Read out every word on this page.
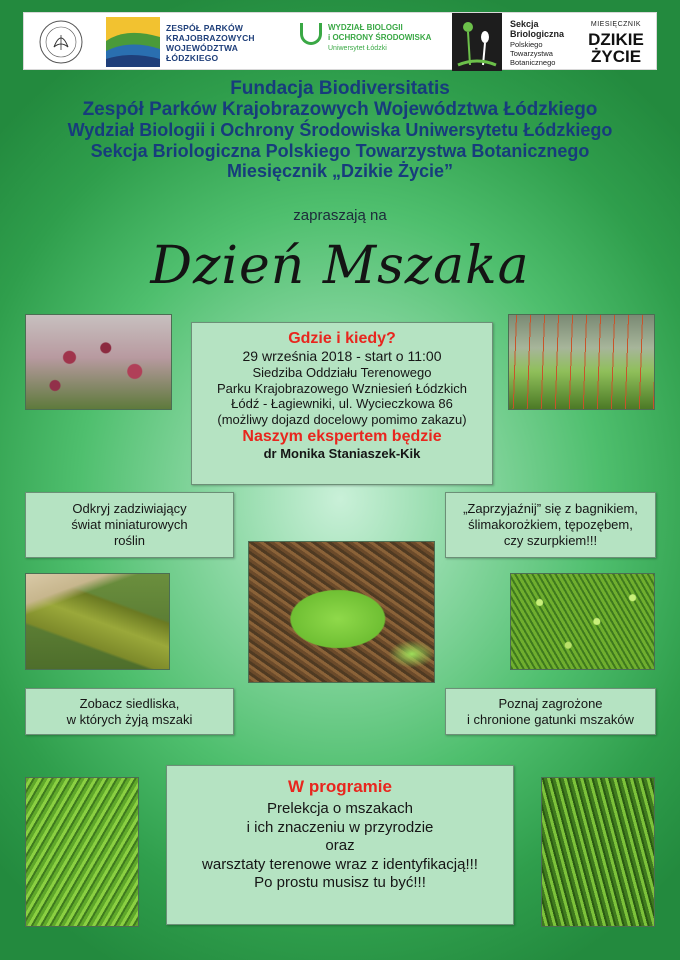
ZESPÓŁ PARKÓW
KRAJOBRAZOWYCH
WOJEWÓDZTWA ŁÓDZKIEGO
WYDZIAŁ BIOLOGII
i OCHRONY ŚRODOWISKA
Uniwersytet Łódzki
Sekcja
Briologiczna
Polskiego
Towarzystwa
Botanicznego
MIESIĘCZNIK
DZIKIE
ŻYCIE
Fundacja Biodiversitatis
Zespół Parków Krajobrazowych Województwa Łódzkiego
Wydział Biologii i Ochrony Środowiska Uniwersytetu Łódzkiego
Sekcja Briologiczna Polskiego Towarzystwa Botanicznego
Miesięcznik „Dzikie Życie”
zapraszają na
Dzień Mszaka
Gdzie i kiedy?
29 września 2018 - start o 11:00
Siedziba Oddziału Terenowego
Parku Krajobrazowego Wzniesień Łódzkich
Łódź - Łagiewniki, ul. Wycieczkowa 86
(możliwy dojazd docelowy pomimo zakazu)
Naszym ekspertem będzie
dr Monika Staniaszek-Kik
Odkryj zadziwiający
świat miniaturowych
roślin
„Zaprzyjaźnij” się z bagnikiem,
ślimakorożkiem, tępozębem,
czy szurpkiem!!!
Zobacz siedliska,
w których żyją mszaki
Poznaj zagrożone
i chronione gatunki mszaków
W programie
Prelekcja o mszakach
i ich znaczeniu w przyrodzie
oraz
warsztaty terenowe wraz z identyfikacją!!!
Po prostu musisz tu być!!!
